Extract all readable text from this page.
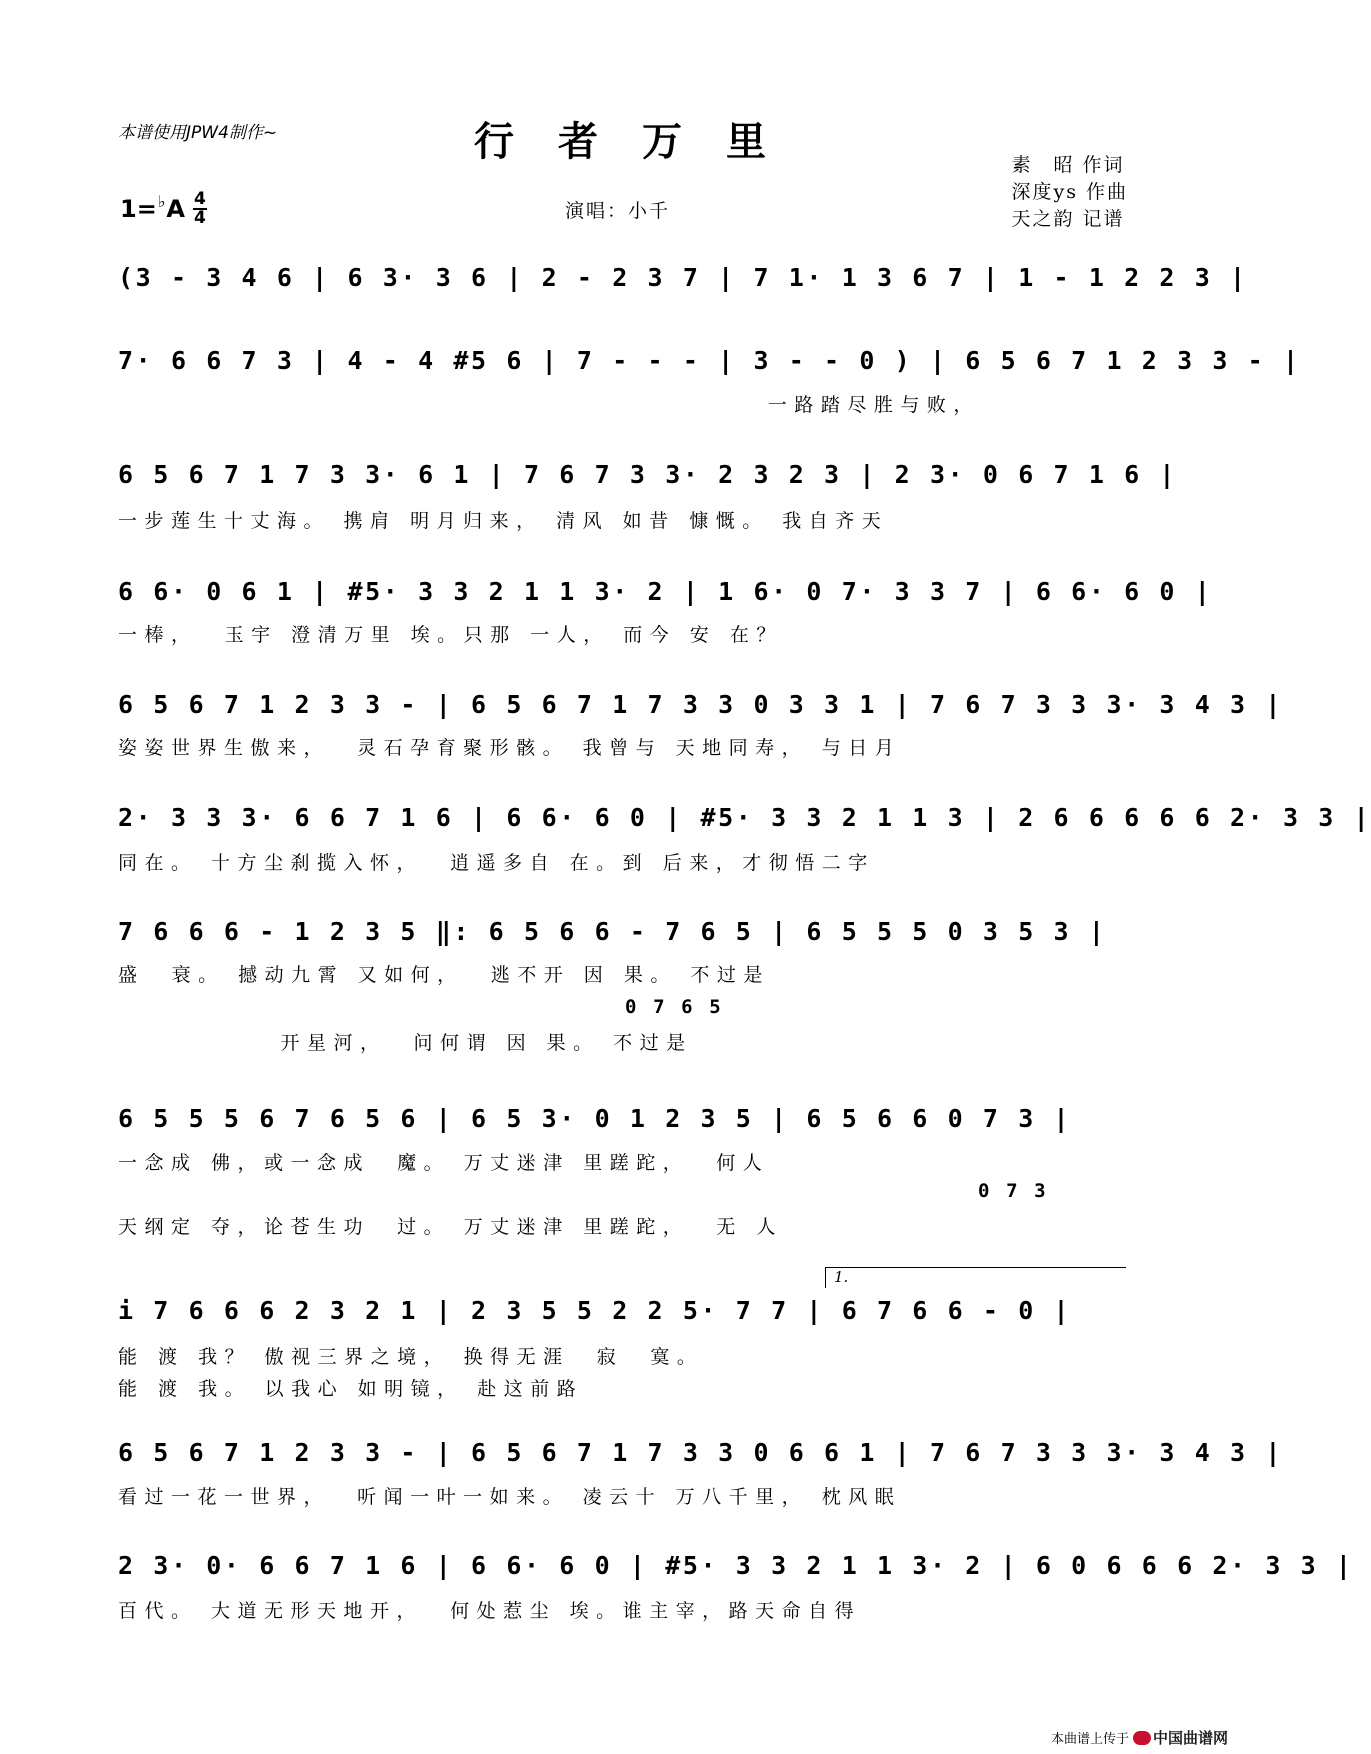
本谱使用JPW4制作~	行者万里	素　昭 作词
深度ys 作曲
天之韵 记谱
1= ♭ A $\frac{4}{4}$	演唱：小千
(3 - 3 4 6 | 6 3· 3 6 | 2 - 2 3 7 | 7 1· 1 3 6 7 | 1 - 1 2 2 3 |
7· 6 6 7 3 | 4 - 4 #5 6 | 7 - - - | 3 - - 0 ) | 6 5 6 7 1 2 3 3 - |
一路踏尽胜与败，
6 5 6 7 1 7 3 3· 6 1 | 7 6 7 3 3· 2 3 2 3 | 2 3· 0 6 7 1 6 |
一步莲生十丈海。 携肩 明月归来， 清风 如昔 慷慨。 我自齐天
6 6· 0 6 1 | #5· 3 3 2 1 1 3· 2 | 1 6· 0 7· 3 3 7 | 6 6· 6 0 |
一棒，  玉宇 澄清万里 埃。只那 一人， 而今 安 在？
6 5 6 7 1 2 3 3 - | 6 5 6 7 1 7 3 3 0 3 3 1 | 7 6 7 3 3 3· 3 4 3 |
姿姿世界生傲来，  灵石孕育聚形骸。 我曾与 天地同寿， 与日月
2· 3 3 3· 6 6 7 1 6 | 6 6· 6 0 | #5· 3 3 2 1 1 3 | 2 6 6 6 6 6 2· 3 3 |
同在。 十方尘刹揽入怀，  逍遥多自 在。到 后来，才彻悟二字
7 6 6 6 - 1 2 3 5 ‖: 6 5 6 6 - 7 6 5 | 6 5 5 5 0 3 5 3 |
盛  衰。 撼动九霄 又如何，  逃不开 因 果。 不过是
0 7 6 5
开星河，  问何谓 因 果。 不过是
6 5 5 5 6 7 6 5 6 | 6 5 3· 0 1 2 3 5 | 6 5 6 6 0 7 3 |
一念成 佛，或一念成  魔。 万丈迷津 里蹉跎，  何人
0 7 3
天纲定 夺，论苍生功  过。 万丈迷津 里蹉跎，  无 人
1.
i 7 6 6 6 2 3 2 1 | 2 3 5 5 2 2 5· 7 7 | 6 7 6 6 - 0 |
能 渡 我？ 傲视三界之境， 换得无涯  寂  寞。
能 渡 我。 以我心 如明镜， 赴这前路
6 5 6 7 1 2 3 3 - | 6 5 6 7 1 7 3 3 0 6 6 1 | 7 6 7 3 3 3· 3 4 3 |
看过一花一世界，  听闻一叶一如来。 凌云十 万八千里， 枕风眠
2 3· 0· 6 6 7 1 6 | 6 6· 6 0 | #5· 3 3 2 1 1 3· 2 | 6 0 6 6 6 2· 3 3 |
百代。 大道无形天地开，  何处惹尘 埃。谁主宰，路天命自得
本曲谱上传于 中国曲谱网
